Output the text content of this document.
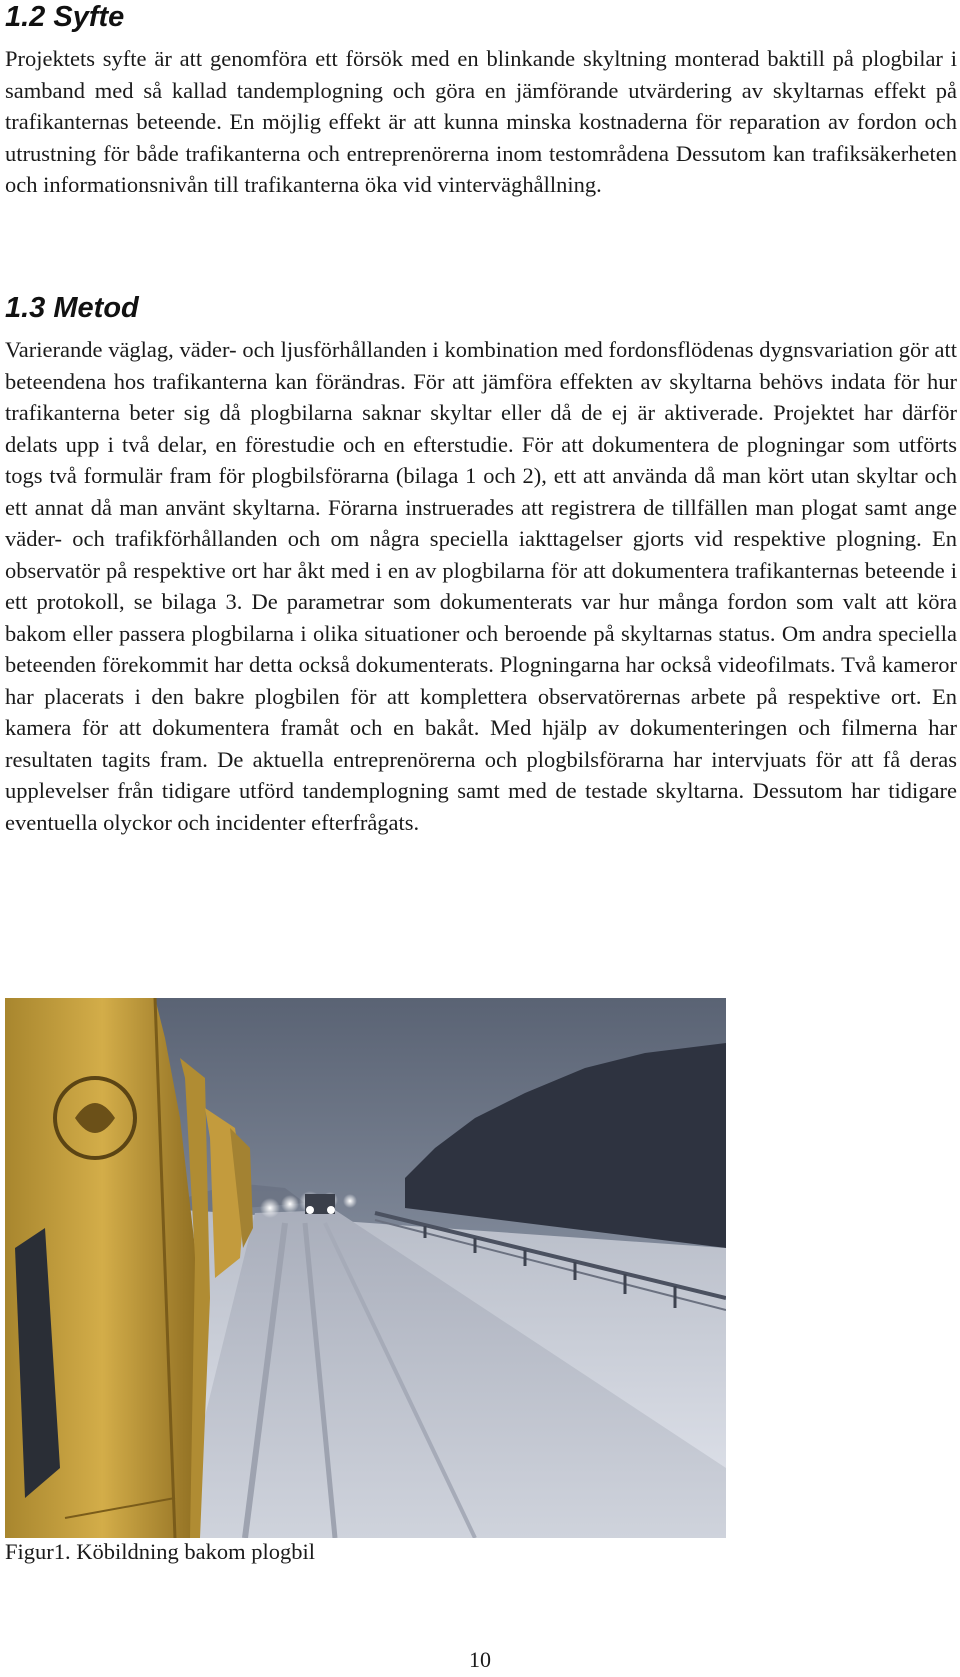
1.2 Syfte

Projektets syfte är att genomföra ett försök med en blinkande skyltning monterad baktill på plogbilar i samband med så kallad tandemplogning och göra en jämförande utvärdering av skyltarnas effekt på trafikanternas beteende. En möjlig effekt är att kunna minska kostnaderna för reparation av fordon och utrustning för både trafikanterna och entreprenörerna inom testområdena Dessutom kan trafiksäkerheten och informationsnivån till trafikanterna öka vid vinterväghållning.

1.3 Metod

Varierande väglag, väder- och ljusförhållanden i kombination med fordonsflödenas dygnsvariation gör att beteendena hos trafikanterna kan förändras. För att jämföra effekten av skyltarna behövs indata för hur trafikanterna beter sig då plogbilarna saknar skyltar eller då de ej är aktiverade. Projektet har därför delats upp i två delar, en förestudie och en efterstudie. För att dokumentera de plogningar som utförts togs två formulär fram för plogbilsförarna (bilaga 1 och 2), ett att använda då man kört utan skyltar och ett annat då man använt skyltarna. Förarna instruerades att registrera de tillfällen man plogat samt ange väder- och trafikförhållanden och om några speciella iakttagelser gjorts vid respektive plogning. En observatör på respektive ort har åkt med i en av plogbilarna för att dokumentera trafikanternas beteende i ett protokoll, se bilaga 3. De parametrar som dokumenterats var hur många fordon som valt att köra bakom eller passera plogbilarna i olika situationer och beroende på skyltarnas status. Om andra speciella beteenden förekommit har detta också dokumenterats. Plogningarna har också videofilmats. Två kameror har placerats i den bakre plogbilen för att komplettera observatörernas arbete på respektive ort. En kamera för att dokumentera framåt och en bakåt. Med hjälp av dokumenteringen och filmerna har resultaten tagits fram. De aktuella entreprenörerna och plogbilsförarna har intervjuats för att få deras upplevelser från tidigare utförd tandemplogning samt med de testade skyltarna. Dessutom har tidigare eventuella olyckor och incidenter efterfrågats.

Figur1. Köbildning bakom plogbil

10
